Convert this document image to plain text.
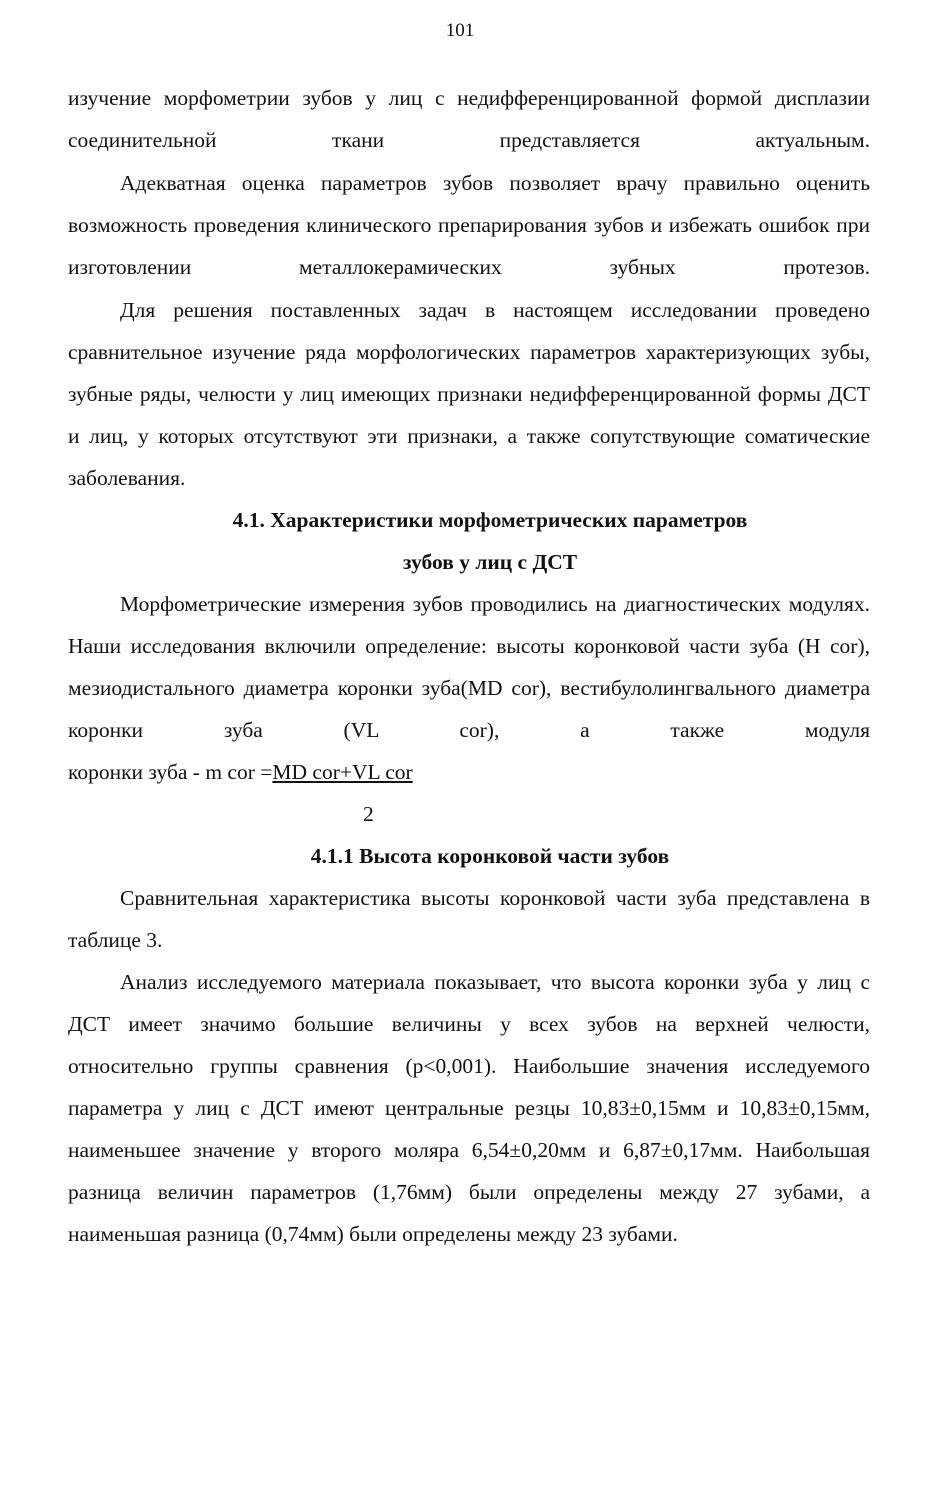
101

изучение морфометрии зубов у лиц с недифференцированной формой дисплазии соединительной ткани представляется актуальным.

Адекватная оценка параметров зубов позволяет врачу правильно оценить возможность проведения клинического препарирования зубов и избежать ошибок при изготовлении металлокерамических зубных протезов.

Для решения поставленных задач в настоящем исследовании проведено сравнительное изучение ряда морфологических параметров характеризующих зубы, зубные ряды, челюсти у лиц имеющих признаки недифференцированной формы ДСТ и лиц, у которых отсутствуют эти признаки, а также сопутствующие соматические заболевания.

4.1. Характеристики морфометрических параметров

зубов у лиц с ДСТ

Морфометрические измерения зубов проводились на диагностических модулях. Наши исследования включили определение: высоты коронковой части зуба (H cor), мезиодистального диаметра коронки зуба(MD cor), вестибулолингвального диаметра коронки зуба (VL cor), а также модуля

коронки зуба - m cor =MD cor+VL cor

2

4.1.1 Высота коронковой части зубов

Сравнительная характеристика высоты коронковой части зуба представлена в таблице 3.

Анализ исследуемого материала показывает, что высота коронки зуба у лиц с ДСТ имеет значимо большие величины у всех зубов на верхней челюсти, относительно группы сравнения (p<0,001). Наибольшие значения исследуемого параметра у лиц с ДСТ имеют центральные резцы 10,83±0,15мм и 10,83±0,15мм, наименьшее значение у второго моляра 6,54±0,20мм и 6,87±0,17мм. Наибольшая разница величин параметров (1,76мм) были определены между 27 зубами, а наименьшая разница (0,74мм) были определены между 23 зубами.
